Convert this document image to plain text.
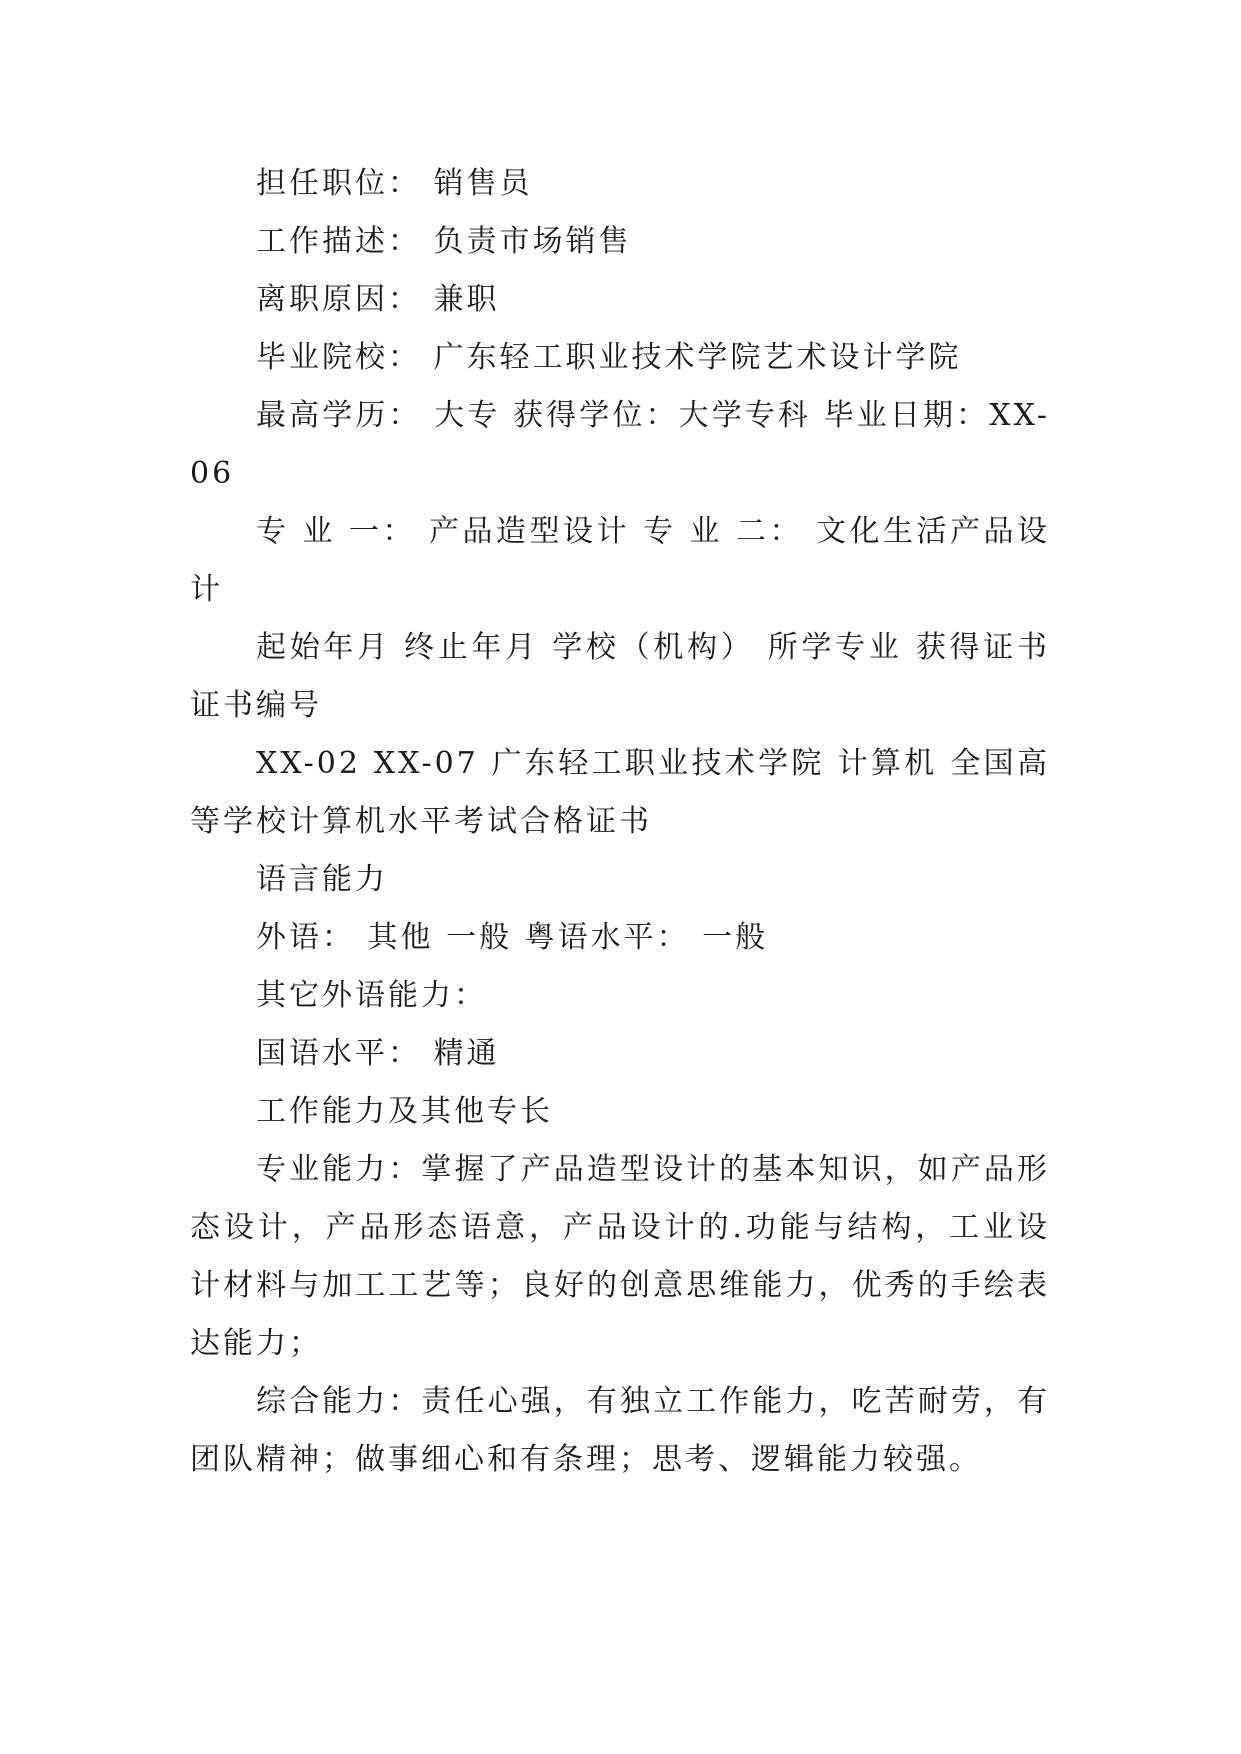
担任职位： 销售员

工作描述： 负责市场销售

离职原因： 兼职

毕业院校： 广东轻工职业技术学院艺术设计学院

最高学历： 大专 获得学位：大学专科 毕业日期：XX-06

专 业 一： 产品造型设计 专 业 二： 文化生活产品设计

起始年月 终止年月 学校（机构） 所学专业 获得证书证书编号

XX-02 XX-07 广东轻工职业技术学院 计算机 全国高等学校计算机水平考试合格证书

语言能力

外语： 其他 一般 粤语水平： 一般

其它外语能力：

国语水平： 精通

工作能力及其他专长

专业能力：掌握了产品造型设计的基本知识，如产品形态设计，产品形态语意，产品设计的.功能与结构，工业设计材料与加工工艺等；良好的创意思维能力，优秀的手绘表达能力；

综合能力：责任心强，有独立工作能力，吃苦耐劳，有团队精神；做事细心和有条理；思考、逻辑能力较强。
